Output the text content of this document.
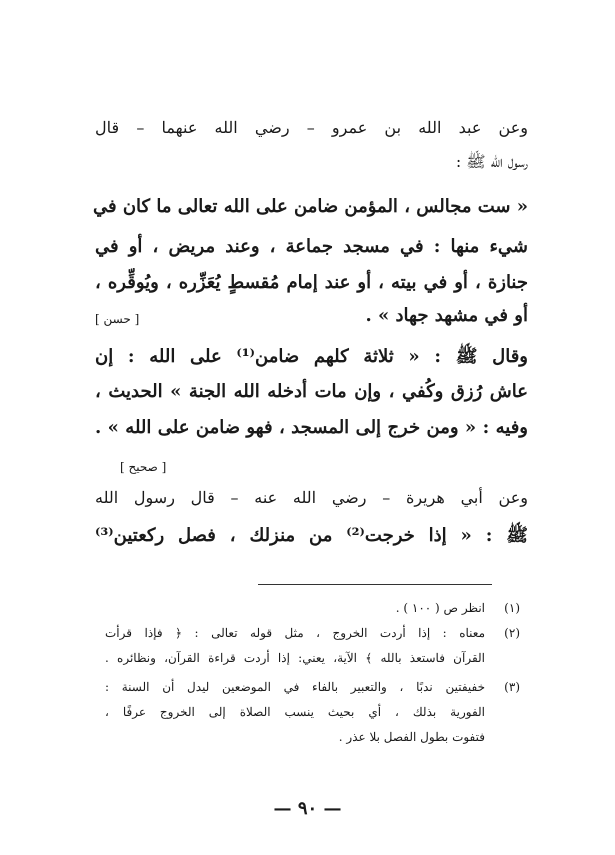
وعن عبد الله بن عمرو – رضي الله عنهما – قال
رسول الله ﷺ :
« ست مجالس ، المؤمن ضامن على الله تعالى ما كان في
شيء منها : في مسجد جماعة ، وعند مريض ، أو في
جنازة ، أو في بيته ، أو عند إمام مُقسطٍ يُعَزِّره ، ويُوقِّره ،
أو في مشهد جهاد » .
[ حسن ]
وقال ﷺ : « ثلاثة كلهم ضامن⁽¹⁾ على الله : إن
عاش رُزق وكُفي ، وإن مات أدخله الله الجنة » الحديث ،
وفيه : « ومن خرج إلى المسجد ، فهو ضامن على الله » .
[ صحيح ]
وعن أبي هريرة – رضي الله عنه – قال رسول الله
ﷺ : « إذا خرجت⁽²⁾ من منزلك ، فصل ركعتين⁽³⁾
(١)
انظر ص ( ١٠٠ ) .
(٢)
معناه : إذا أردت الخروج ، مثل قوله تعالى : ﴿ فإذا قرأت
القرآن فاستعذ بالله ﴾ الآية، يعني: إذا أردت قراءة القرآن، ونظائره .
(٣)
خفيفتين ندبًا ، والتعبير بالفاء في الموضعين ليدل أن السنة :
الفورية بذلك ، أي بحيث ينسب الصلاة إلى الخروج عرفًا ،
فتفوت بطول الفصل بلا عذر .
— ٩٠ —
